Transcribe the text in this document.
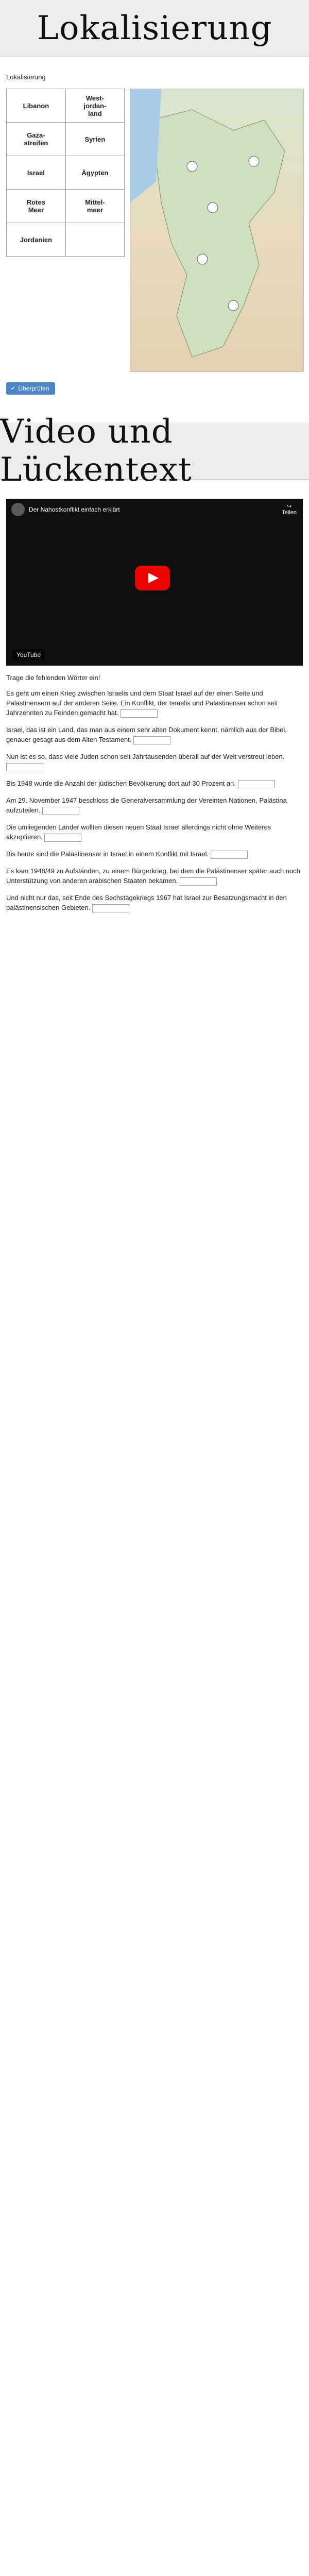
Lokalisierung
Lokalisierung
Libanon	West-
jordan-
land
Gaza-
streifen	Syrien
Israel	Ägypten
Rotes
Meer	Mittel-
meer
Jordanien	
✔ Überprüfen
Video und Lückentext
Der Nahostkonflikt einfach erklärt	↪
Teilen
YouTube
Trage die fehlenden Wörter ein!

Es geht um einen Krieg zwischen Israelis und dem Staat Israel auf der einen Seite und Palästinensern auf der anderen Seite. Ein Konflikt, der Israelis und Palästinenser schon seit Jahrzehnten zu Feinden gemacht hat.

Israel, das ist ein Land, das man aus einem sehr alten Dokument kennt, nämlich aus der Bibel, genauer gesagt aus dem Alten Testament.

Nun ist es so, dass viele Juden schon seit Jahrtausenden überall auf der Welt verstreut leben.

Bis 1948 wurde die Anzahl der jüdischen Bevölkerung dort auf 30 Prozent an.

Am 29. November 1947 beschloss die Generalversammlung der Vereinten Nationen, Palästina aufzuteilen.

Die umliegenden Länder wollten diesen neuen Staat Israel allerdings nicht ohne Weiteres akzeptieren.

Bis heute sind die Palästinenser in Israel in einem Konflikt mit Israel.

Es kam 1948/49 zu Aufständen, zu einem Bürgerkrieg, bei dem die Palästinenser später auch noch Unterstützung von anderen arabischen Staaten bekamen.

Und nicht nur das, seit Ende des Sechstagekriegs 1967 hat Israel zur Besatzungsmacht in den palästinensischen Gebieten.
